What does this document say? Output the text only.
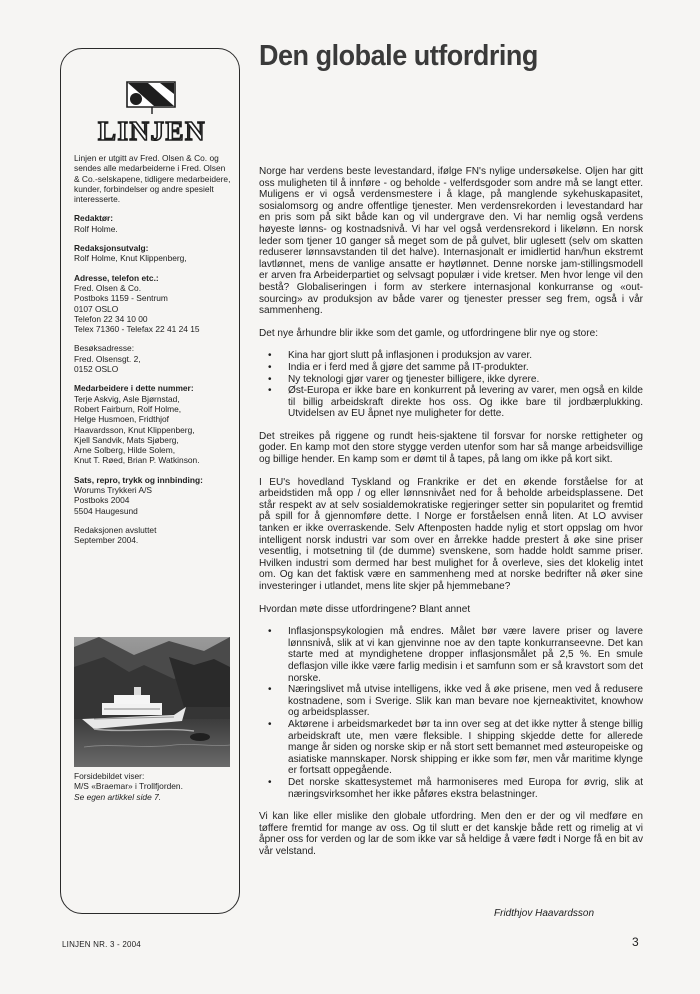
LINJEN

Linjen er utgitt av Fred. Olsen & Co. og sendes alle medarbeiderne i Fred. Olsen & Co.-selskapene, tidligere medarbeidere, kunder, forbindelser og andre spesielt interesserte.

Redaktør:
Rolf Holme.

Redaksjonsutvalg:
Rolf Holme, Knut Klippenberg,

Adresse, telefon etc.:
Fred. Olsen & Co.
Postboks 1159 - Sentrum
0107 OSLO
Telefon 22 34 10 00
Telex 71360 - Telefax 22 41 24 15

Besøksadresse:
Fred. Olsensgt. 2,
0152 OSLO

Medarbeidere i dette nummer:
Terje Askvig, Asle Bjørnstad,
Robert Fairburn, Rolf Holme,
Helge Husmoen, Fridthjof
Haavardsson, Knut Klippenberg,
Kjell Sandvik, Mats Sjøberg,
Arne Solberg, Hilde Solem,
Knut T. Røed, Brian P. Watkinson.

Sats, repro, trykk og innbinding:
Worums Trykkeri A/S
Postboks 2004
5504 Haugesund

Redaksjonen avsluttet
September 2004.

Forsidebildet viser:
M/S «Braemar» i Trollfjorden.
Se egen artikkel side 7.
Den globale utfordring

Norge har verdens beste levestandard, ifølge FN's nylige undersøkelse. Oljen har gitt oss muligheten til å innføre - og beholde - velferdsgoder som andre må se langt etter. Muligens er vi også verdensmestere i å klage, på manglende sykehuskapasitet, sosialomsorg og andre offentlige tjenester. Men verdensrekorden i levestandard har en pris som på sikt både kan og vil undergrave den. Vi har nemlig også verdens høyeste lønns- og kostnadsnivå. Vi har vel også verdensrekord i likelønn. En norsk leder som tjener 10 ganger så meget som de på gulvet, blir uglesett (selv om skatten reduserer lønnsavstanden til det halve). Internasjonalt er imidlertid han/hun ekstremt lavtlønnet, mens de vanlige ansatte er høytlønnet. Denne norske jam-stillingsmodell er arven fra Arbeiderpartiet og selvsagt populær i vide kretser. Men hvor lenge vil den bestå? Globaliseringen i form av sterkere internasjonal konkurranse og «out-sourcing» av produksjon av både varer og tjenester presser seg frem, også i vår sammenheng.

Det nye århundre blir ikke som det gamle, og utfordringene blir nye og store:

• Kina har gjort slutt på inflasjonen i produksjon av varer.
• India er i ferd med å gjøre det samme på IT-produkter.
• Ny teknologi gjør varer og tjenester billigere, ikke dyrere.
• Øst-Europa er ikke bare en konkurrent på levering av varer, men også en kilde til billig arbeidskraft direkte hos oss. Og ikke bare til jordbærplukking. Utvidelsen av EU åpnet nye muligheter for dette.

Det streikes på riggene og rundt heis-sjaktene til forsvar for norske rettigheter og goder. En kamp mot den store stygge verden utenfor som har så mange arbeidsvillige og billige hender. En kamp som er dømt til å tapes, på lang om ikke på kort sikt.

I EU's hovedland Tyskland og Frankrike er det en økende forståelse for at arbeidstiden må opp / og eller lønnsnivået ned for å beholde arbeidsplassene. Det står respekt av at selv sosialdemokratiske regjeringer setter sin popularitet og fremtid på spill for å gjennomføre dette. I Norge er forståelsen ennå liten. At LO avviser tanken er ikke overraskende. Selv Aftenposten hadde nylig et stort oppslag om hvor intelligent norsk industri var som over en årrekke hadde prestert å øke sine priser vesentlig, i motsetning til (de dumme) svenskene, som hadde holdt samme priser. Hvilken industri som dermed har best mulighet for å overleve, sies det klokelig intet om. Og kan det faktisk være en sammenheng med at norske bedrifter nå øker sine investeringer i utlandet, mens lite skjer på hjemmebane?

Hvordan møte disse utfordringene? Blant annet

• Inflasjonspsykologien må endres. Målet bør være lavere priser og lavere lønnsnivå, slik at vi kan gjenvinne noe av den tapte konkurranseevne. Det kan starte med at myndighetene dropper inflasjonsmålet på 2,5 %. En smule deflasjon ville ikke være farlig medisin i et samfunn som er så kravstort som det norske.
• Næringslivet må utvise intelligens, ikke ved å øke prisene, men ved å redusere kostnadene, som i Sverige. Slik kan man bevare noe kjerneaktivitet, knowhow og arbeidsplasser.
• Aktørene i arbeidsmarkedet bør ta inn over seg at det ikke nytter å stenge billig arbeidskraft ute, men være fleksible. I shipping skjedde dette for allerede mange år siden og norske skip er nå stort sett bemannet med østeuropeiske og asiatiske mannskaper. Norsk shipping er ikke som før, men vår maritime klynge er fortsatt oppegående.
• Det norske skattesystemet må harmoniseres med Europa for øvrig, slik at næringsvirksomhet her ikke påføres ekstra belastninger.

Vi kan like eller mislike den globale utfordring. Men den er der og vil medføre en tøffere fremtid for mange av oss. Og til slutt er det kanskje både rett og rimelig at vi åpner oss for verden og lar de som ikke var så heldige å være født i Norge få en bit av vår velstand.

Fridthjov Haavardsson
LINJEN NR. 3 - 2004	3
